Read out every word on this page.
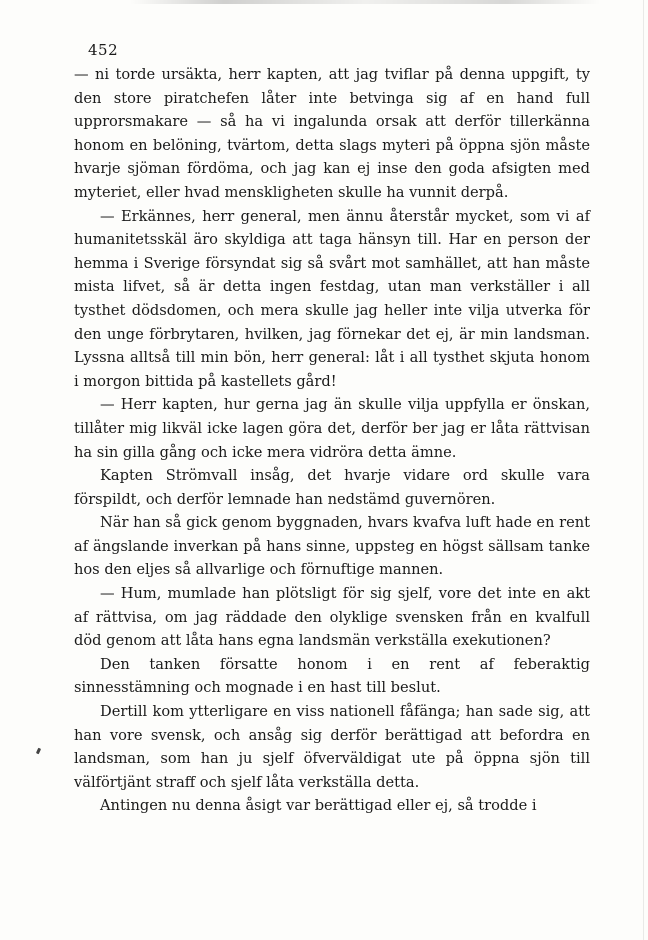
452

— ni torde ursäkta, herr kapten, att jag tviflar på denna uppgift, ty den store piratchefen låter inte betvinga sig af en hand full upprorsmakare — så ha vi ingalunda orsak att derför tillerkänna honom en belöning, tvärtom, detta slags myteri på öppna sjön måste hvarje sjöman fördöma, och jag kan ej inse den goda afsigten med myteriet, eller hvad menskligheten skulle ha vunnit derpå.

— Erkännes, herr general, men ännu återstår mycket, som vi af humanitetsskäl äro skyldiga att taga hänsyn till. Har en person der hemma i Sverige försyndat sig så svårt mot samhället, att han måste mista lifvet, så är detta ingen festdag, utan man verkställer i all tysthet dödsdomen, och mera skulle jag heller inte vilja utverka för den unge förbrytaren, hvilken, jag förnekar det ej, är min landsman. Lyssna alltså till min bön, herr general: låt i all tysthet skjuta honom i morgon bittida på kastellets gård!

— Herr kapten, hur gerna jag än skulle vilja uppfylla er önskan, tillåter mig likväl icke lagen göra det, derför ber jag er låta rättvisan ha sin gilla gång och icke mera vidröra detta ämne.

Kapten Strömvall insåg, det hvarje vidare ord skulle vara förspildt, och derför lemnade han nedstämd guvernören.

När han så gick genom byggnaden, hvars kvafva luft hade en rent af ängslande inverkan på hans sinne, uppsteg en högst sällsam tanke hos den eljes så allvarlige och förnuftige mannen.

— Hum, mumlade han plötsligt för sig sjelf, vore det inte en akt af rättvisa, om jag räddade den olyklige svensken från en kvalfull död genom att låta hans egna landsmän verkställa exekutionen?

Den tanken försatte honom i en rent af feberaktig sinnesstämning och mognade i en hast till beslut.

Dertill kom ytterligare en viss nationell fåfänga; han sade sig, att han vore svensk, och ansåg sig derför berättigad att befordra en landsman, som han ju sjelf öfverväldigat ute på öppna sjön till välförtjänt straff och sjelf låta verkställa detta.

Antingen nu denna åsigt var berättigad eller ej, så trodde i
